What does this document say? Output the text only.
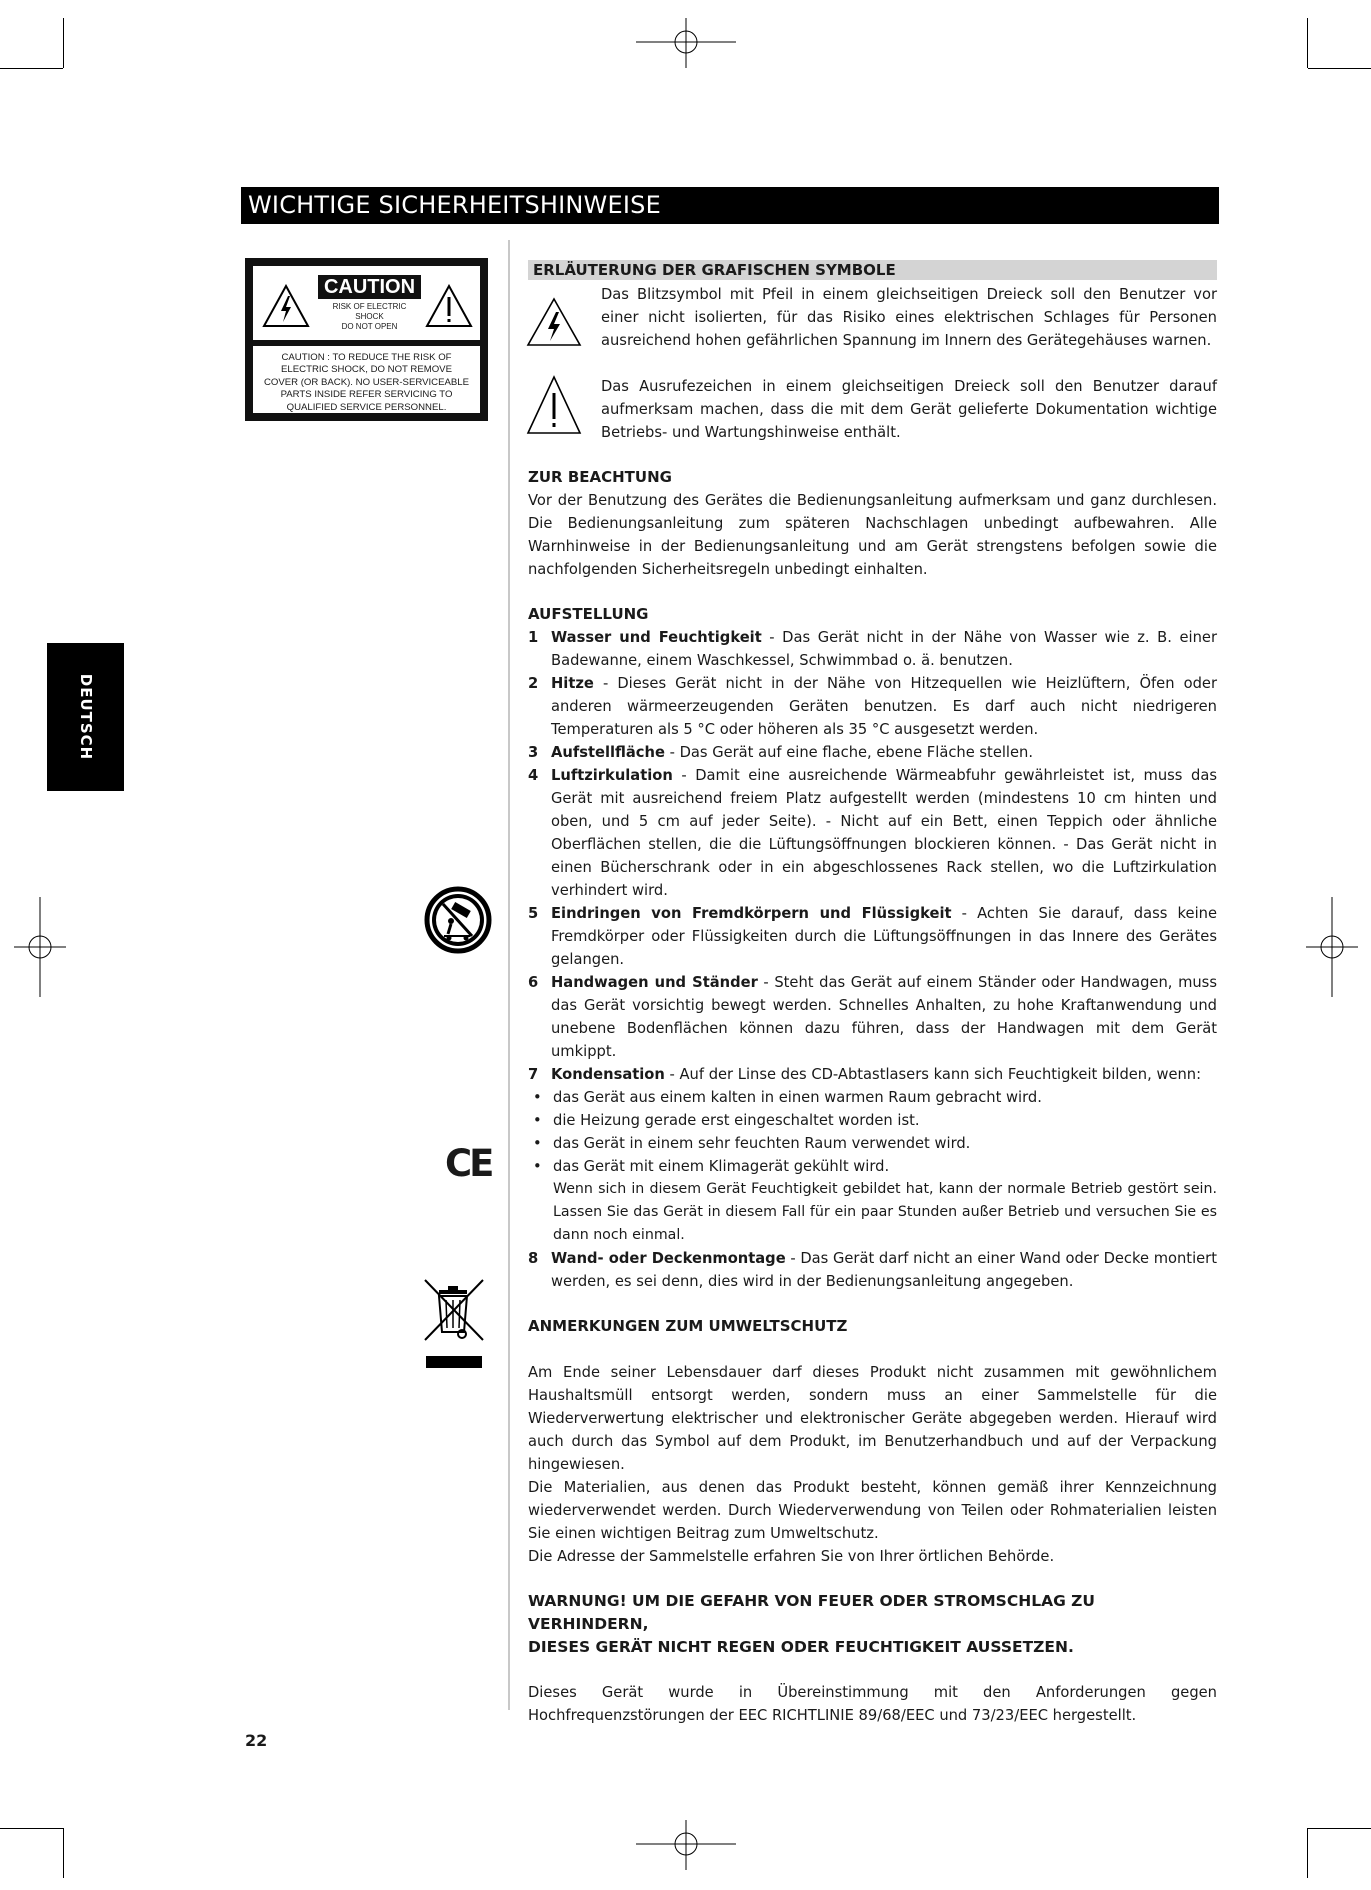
WICHTIGE SICHERHEITSHINWEISE
DEUTSCH
CAUTION
RISK OF ELECTRIC SHOCK
DO NOT OPEN
CAUTION : TO REDUCE THE RISK OF
ELECTRIC SHOCK, DO NOT REMOVE
COVER (OR BACK). NO USER-SERVICEABLE
PARTS INSIDE REFER SERVICING TO
QUALIFIED SERVICE PERSONNEL.
CE
ERLÄUTERUNG DER GRAFISCHEN SYMBOLE

Das Blitzsymbol mit Pfeil in einem gleichseitigen Dreieck soll den Benutzer vor einer nicht isolierten, für das Risiko eines elektrischen Schlages für Personen ausreichend hohen gefährlichen Spannung im Innern des Gerätegehäuses warnen.

Das Ausrufezeichen in einem gleichseitigen Dreieck soll den Benutzer darauf aufmerksam machen, dass die mit dem Gerät gelieferte Dokumentation wichtige Betriebs- und Wartungshinweise enthält.

ZUR BEACHTUNG

Vor der Benutzung des Gerätes die Bedienungsanleitung aufmerksam und ganz durchlesen. Die Bedienungsanleitung zum späteren Nachschlagen unbedingt aufbewahren. Alle Warnhinweise in der Bedienungsanleitung und am Gerät strengstens befolgen sowie die nachfolgenden Sicherheitsregeln unbedingt einhalten.

AUFSTELLUNG
1 Wasser und Feuchtigkeit - Das Gerät nicht in der Nähe von Wasser wie z. B. einer Badewanne, einem Waschkessel, Schwimmbad o. ä. benutzen.
2 Hitze - Dieses Gerät nicht in der Nähe von Hitzequellen wie Heizlüftern, Öfen oder anderen wärmeerzeugenden Geräten benutzen. Es darf auch nicht niedrigeren Temperaturen als 5 °C oder höheren als 35 °C ausgesetzt werden.
3 Aufstellfläche - Das Gerät auf eine flache, ebene Fläche stellen.
4 Luftzirkulation - Damit eine ausreichende Wärmeabfuhr gewährleistet ist, muss das Gerät mit ausreichend freiem Platz aufgestellt werden (mindestens 10 cm hinten und oben, und 5 cm auf jeder Seite). - Nicht auf ein Bett, einen Teppich oder ähnliche Oberflächen stellen, die die Lüftungsöffnungen blockieren können. - Das Gerät nicht in einen Bücherschrank oder in ein abgeschlossenes Rack stellen, wo die Luftzirkulation verhindert wird.
5 Eindringen von Fremdkörpern und Flüssigkeit - Achten Sie darauf, dass keine Fremdkörper oder Flüssigkeiten durch die Lüftungsöffnungen in das Innere des Gerätes gelangen.
6 Handwagen und Ständer - Steht das Gerät auf einem Ständer oder Handwagen, muss das Gerät vorsichtig bewegt werden. Schnelles Anhalten, zu hohe Kraftanwendung und unebene Bodenflächen können dazu führen, dass der Handwagen mit dem Gerät umkippt.
7 Kondensation - Auf der Linse des CD-Abtastlasers kann sich Feuchtigkeit bilden, wenn:
• das Gerät aus einem kalten in einen warmen Raum gebracht wird.
• die Heizung gerade erst eingeschaltet worden ist.
• das Gerät in einem sehr feuchten Raum verwendet wird.
• das Gerät mit einem Klimagerät gekühlt wird.
Wenn sich in diesem Gerät Feuchtigkeit gebildet hat, kann der normale Betrieb gestört sein. Lassen Sie das Gerät in diesem Fall für ein paar Stunden außer Betrieb und versuchen Sie es dann noch einmal.
8 Wand- oder Deckenmontage - Das Gerät darf nicht an einer Wand oder Decke montiert werden, es sei denn, dies wird in der Bedienungsanleitung angegeben.
ANMERKUNGEN ZUM UMWELTSCHUTZ

Am Ende seiner Lebensdauer darf dieses Produkt nicht zusammen mit gewöhnlichem Haushaltsmüll entsorgt werden, sondern muss an einer Sammelstelle für die Wiederverwertung elektrischer und elektronischer Geräte abgegeben werden. Hierauf wird auch durch das Symbol auf dem Produkt, im Benutzerhandbuch und auf der Verpackung hingewiesen.

Die Materialien, aus denen das Produkt besteht, können gemäß ihrer Kennzeichnung wiederverwendet werden. Durch Wiederverwendung von Teilen oder Rohmaterialien leisten Sie einen wichtigen Beitrag zum Umweltschutz.

Die Adresse der Sammelstelle erfahren Sie von Ihrer örtlichen Behörde.

WARNUNG! UM DIE GEFAHR VON FEUER ODER STROMSCHLAG ZU VERHINDERN,
DIESES GERÄT NICHT REGEN ODER FEUCHTIGKEIT AUSSETZEN.

Dieses Gerät wurde in Übereinstimmung mit den Anforderungen gegen Hochfrequenzstörungen der EEC RICHTLINIE 89/68/EEC und 73/23/EEC hergestellt.

22
